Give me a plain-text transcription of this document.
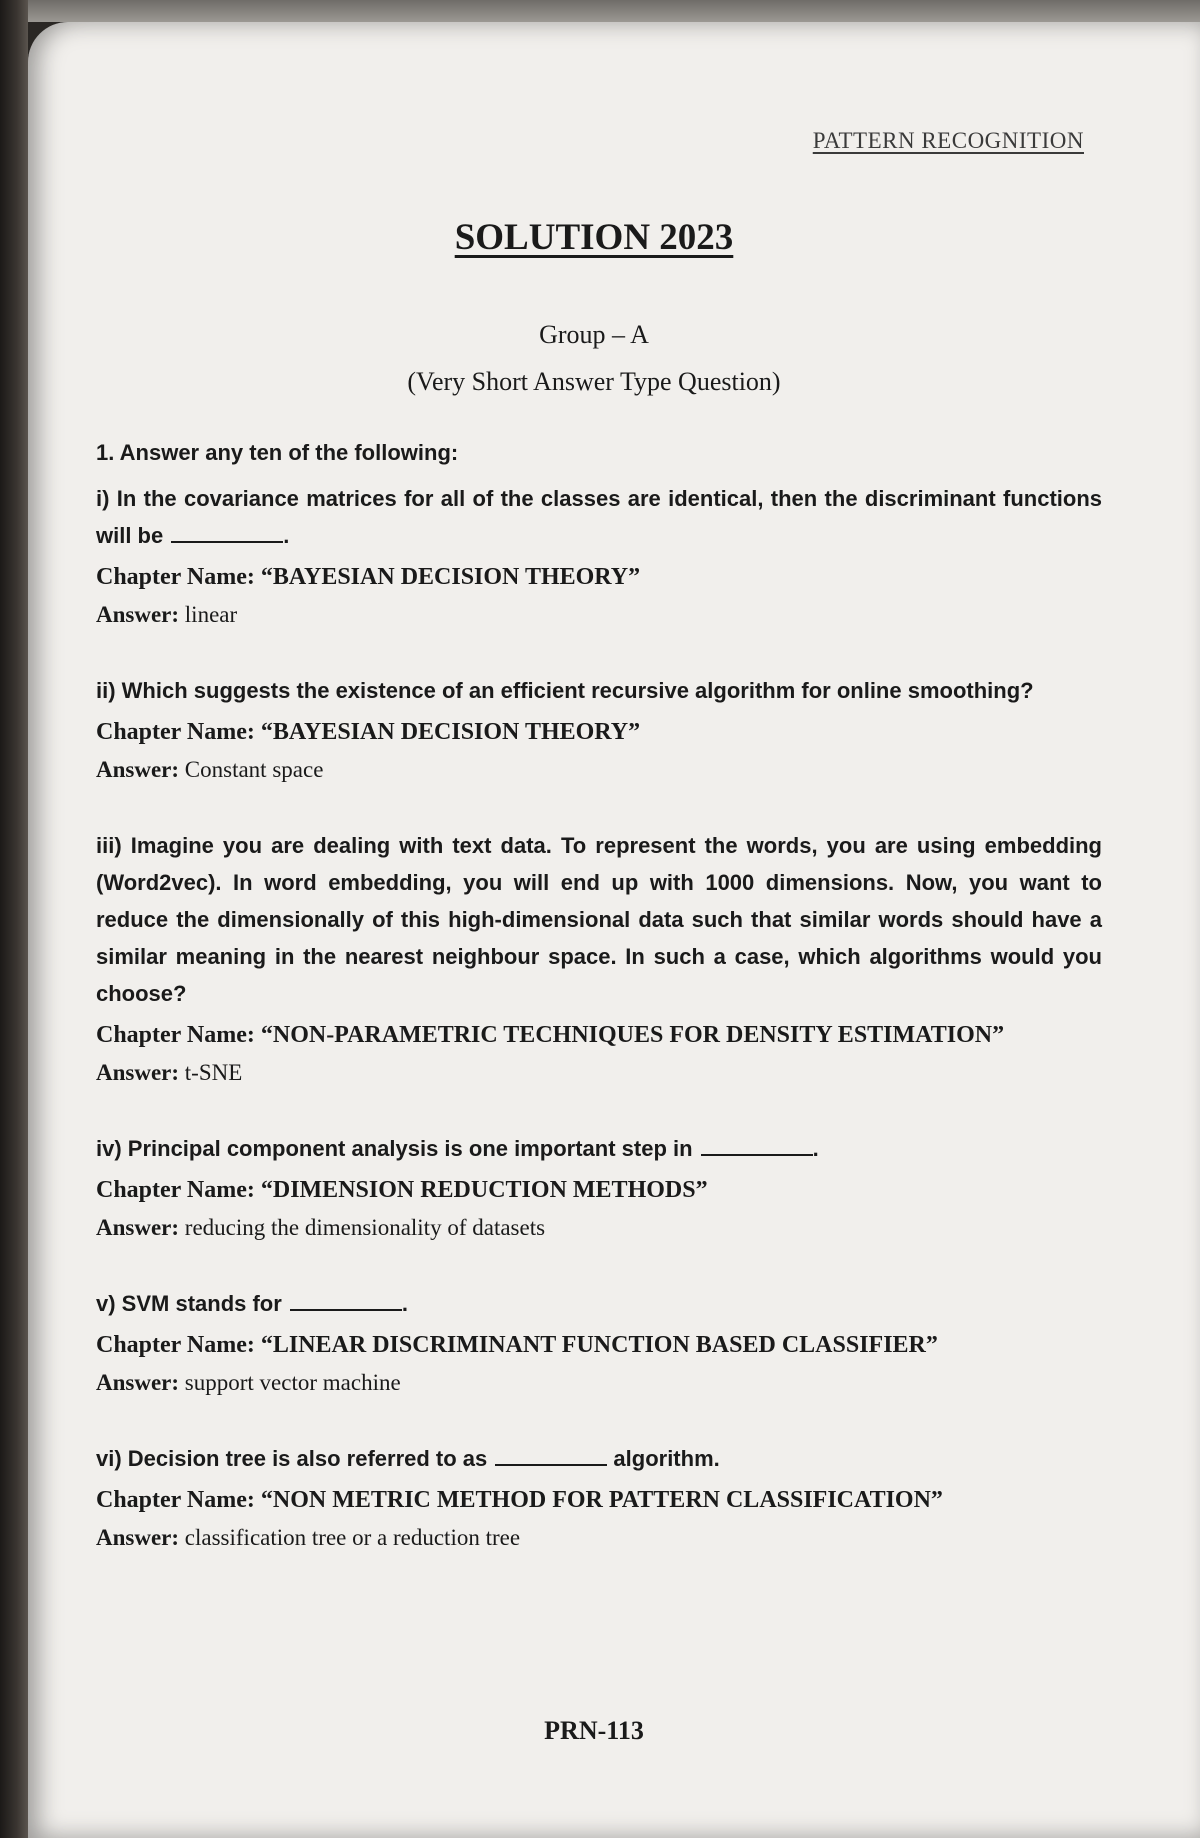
PATTERN RECOGNITION
SOLUTION 2023
Group – A
(Very Short Answer Type Question)
1. Answer any ten of the following:
i) In the covariance matrices for all of the classes are identical, then the discriminant functions will be	.
Chapter Name: “BAYESIAN DECISION THEORY”
Answer: linear
ii) Which suggests the existence of an efficient recursive algorithm for online smoothing?
Chapter Name: “BAYESIAN DECISION THEORY”
Answer: Constant space
iii) Imagine you are dealing with text data. To represent the words, you are using embedding (Word2vec). In word embedding, you will end up with 1000 dimensions. Now, you want to reduce the dimensionally of this high-dimensional data such that similar words should have a similar meaning in the nearest neighbour space. In such a case, which algorithms would you choose?
Chapter Name: “NON-PARAMETRIC TECHNIQUES FOR DENSITY ESTIMATION”
Answer: t-SNE
iv) Principal component analysis is one important step in	.
Chapter Name: “DIMENSION REDUCTION METHODS”
Answer: reducing the dimensionality of datasets
v) SVM stands for	.
Chapter Name: “LINEAR DISCRIMINANT FUNCTION BASED CLASSIFIER”
Answer: support vector machine
vi) Decision tree is also referred to as	algorithm.
Chapter Name: “NON METRIC METHOD FOR PATTERN CLASSIFICATION”
Answer: classification tree or a reduction tree
PRN-113
